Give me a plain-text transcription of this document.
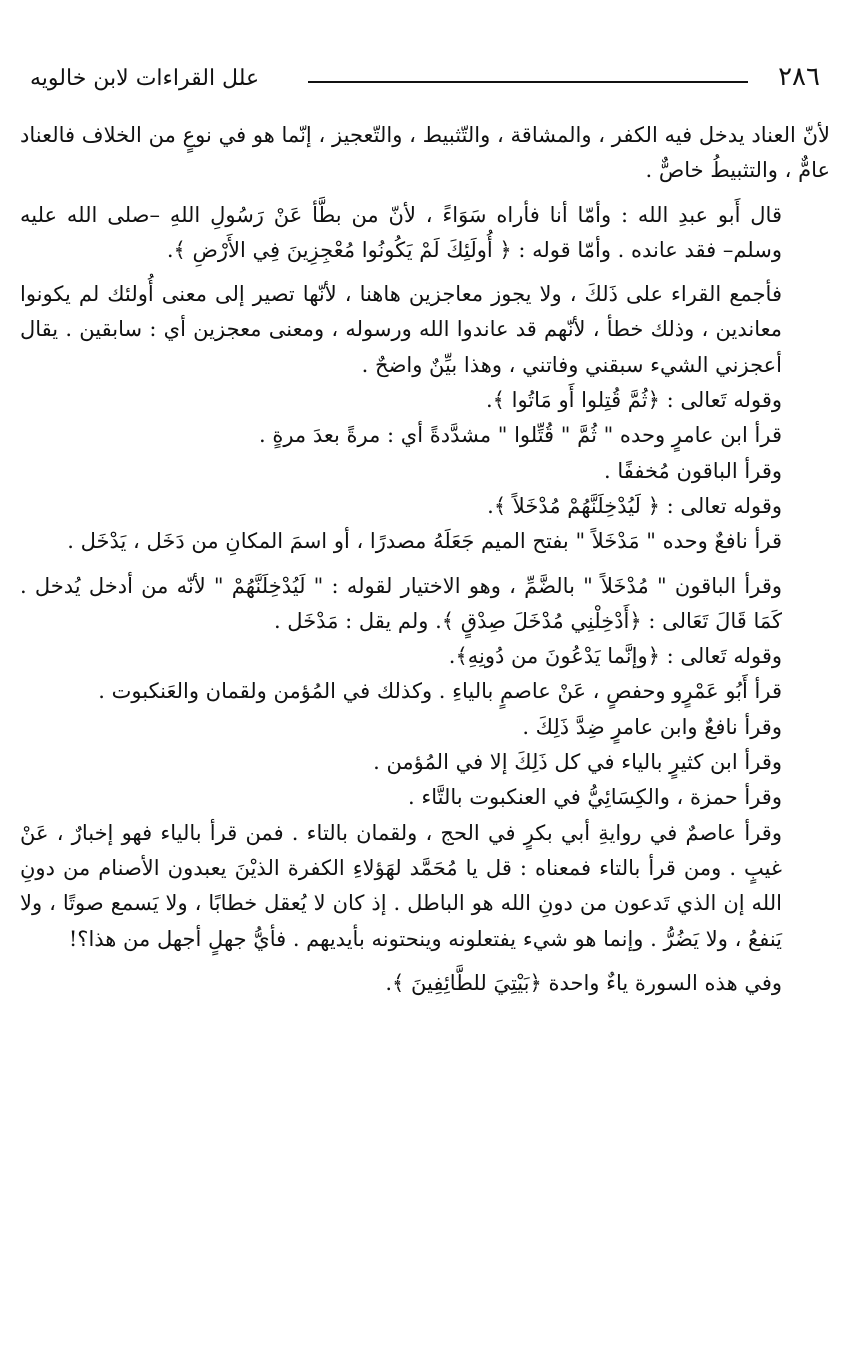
٢٨٦
علل القراءات لابن خالويه

لأنّ العناد يدخل فيه الكفر ، والمشاقة ، والتّثبيط ، والتّعجيز ، إنّما هو في نوعٍ من الخلاف فالعناد عامٌّ ، والتثبيطُ خاصٌّ .

قال أَبو عبدِ الله : وأمّا أنا فأراه سَوَاءً ، لأنّ من بطَّأ عَنْ رَسُولِ اللهِ –صلى الله عليه وسلم– فقد عانده . وأمّا قوله : ﴿ أُولَئِكَ لَمْ يَكُونُوا مُعْجِزِينَ فِي الأَرْضِ ﴾.

فأجمع القراء على ذَلكَ ، ولا يجوز معاجزين هاهنا ، لأنّها تصير إلى معنى أُولئك لم يكونوا معاندين ، وذلك خطأ ، لأنّهم قد عاندوا الله ورسوله ، ومعنى معجزين أي : سابقين . يقال أعجزني الشيء سبقني وفاتني ، وهذا بيِّنٌ واضحٌ .

وقوله تَعالى : ﴿ثُمَّ قُتِلوا أَو مَاتُوا ﴾.

قرأ ابن عامرٍ وحده " ثُمَّ " قُتِّلوا " مشدَّدةً أي : مرةً بعدَ مرةٍ .

وقرأ الباقون مُخففًا .

وقوله تعالى : ﴿ لَيُدْخِلَنَّهُمْ مُدْخَلاً ﴾.

قرأ نافعٌ وحده " مَدْخَلاً " بفتح الميم جَعَلَهُ مصدرًا ، أو اسمَ المكانِ من دَخَل ، يَدْخَل .

وقرأ الباقون " مُدْخَلاً " بالضَّمِّ ، وهو الاختيار لقوله : " لَيُدْخِلَنَّهُمْ " لأنّه من أدخل يُدخل . كَمَا قَالَ تَعَالى : ﴿أَدْخِلْنِي مُدْخَلَ صِدْقٍ ﴾. ولم يقل : مَدْخَل .

وقوله تَعالى : ﴿وإنَّما يَدْعُونَ من دُونِهِ﴾.

قرأ أَبُو عَمْرٍو وحفصٍ ، عَنْ عاصمٍ بالياءِ . وكذلك في المُؤمن ولقمان والعَنكبوت .

وقرأ نافعٌ وابن عامرٍ ضِدَّ ذَلِكَ .

وقرأ ابن كثيرٍ بالياء في كل ذَلِكَ إلا في المُؤمن .

وقرأ حمزة ، والكِسَائِيُّ في العنكبوت بالتَّاء .

وقرأ عاصمٌ في روايةِ أبي بكرٍ في الحج ، ولقمان بالتاء . فمن قرأ بالياء فهو إخبارٌ ، عَنْ غيبٍ . ومن قرأ بالتاء فمعناه : قل يا مُحَمَّد لهَؤلاءِ الكفرة الذيْنَ يعبدون الأصنام من دونِ الله إن الذي تَدعون من دونِ الله هو الباطل . إذ كان لا يُعقل خطابًا ، ولا يَسمع صوتًا ، ولا يَنفعُ ، ولا يَضُرُّ . وإنما هو شيء يفتعلونه وينحتونه بأيديهم . فأيُّ جهلٍ أجهل من هذا؟!

وفي هذه السورة ياءٌ واحدة ﴿بَيْتِيَ للطَّائِفِينَ ﴾.
